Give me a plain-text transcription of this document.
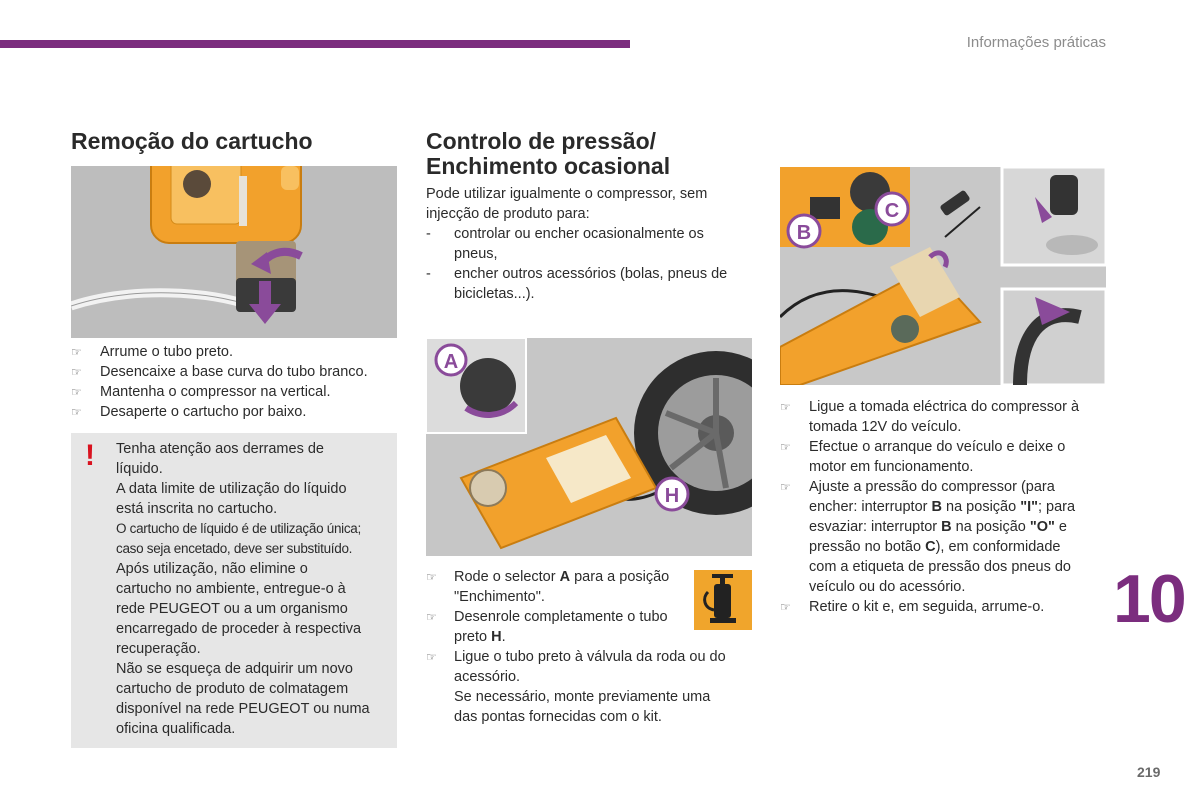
Informações práticas
Remoção do cartucho
☞ Arrume o tubo preto.
☞ Desencaixe a base curva do tubo branco.
☞ Mantenha o compressor na vertical.
☞ Desaperte o cartucho por baixo.
! Tenha atenção aos derrames de
líquido.
A data limite de utilização do líquido
está inscrita no cartucho.
O cartucho de líquido é de utilização única;
caso seja encetado, deve ser substituído.
Após utilização, não elimine o
cartucho no ambiente, entregue-o à
rede PEUGEOT ou a um organismo
encarregado de proceder à respectiva
recuperação.
Não se esqueça de adquirir um novo
cartucho de produto de colmatagem
disponível na rede PEUGEOT ou numa
oficina qualificada.
Controlo de pressão/
Enchimento ocasional
Pode utilizar igualmente o compressor, sem
injecção de produto para:
- controlar ou encher ocasionalmente os
pneus,
- encher outros acessórios (bolas, pneus de
bicicletas...).
A
H
☞ Rode o selector A para a posição
"Enchimento".
☞ Desenrole completamente o tubo
preto H.
☞ Ligue o tubo preto à válvula da roda ou do
acessório.
Se necessário, monte previamente uma
das pontas fornecidas com o kit.
B
C
☞ Ligue a tomada eléctrica do compressor à
tomada 12V do veículo.
☞ Efectue o arranque do veículo e deixe o
motor em funcionamento.
☞ Ajuste a pressão do compressor (para
encher: interruptor B na posição "I"; para
esvaziar: interruptor B na posição "O" e
pressão no botão C), em conformidade
com a etiqueta de pressão dos pneus do
veículo ou do acessório.
☞ Retire o kit e, em seguida, arrume-o.	10
219
